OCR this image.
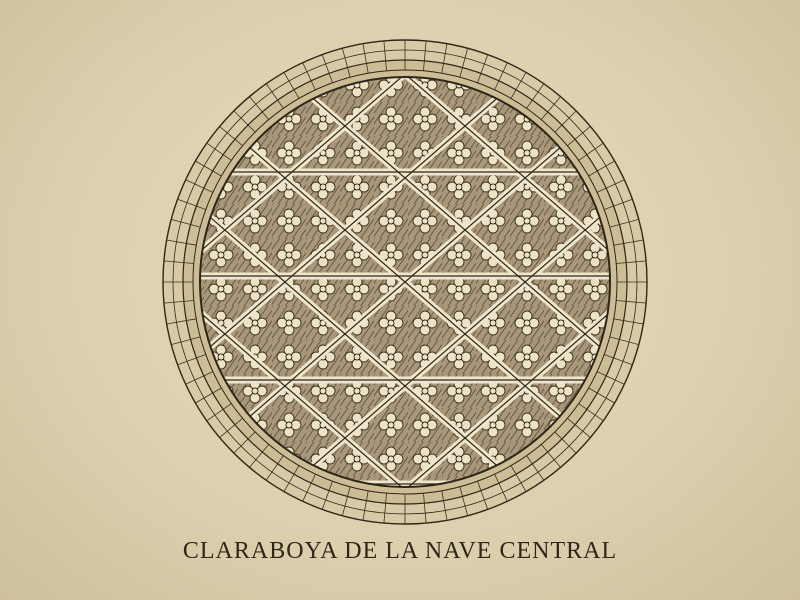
CLARABOYA DE LA NAVE CENTRAL
